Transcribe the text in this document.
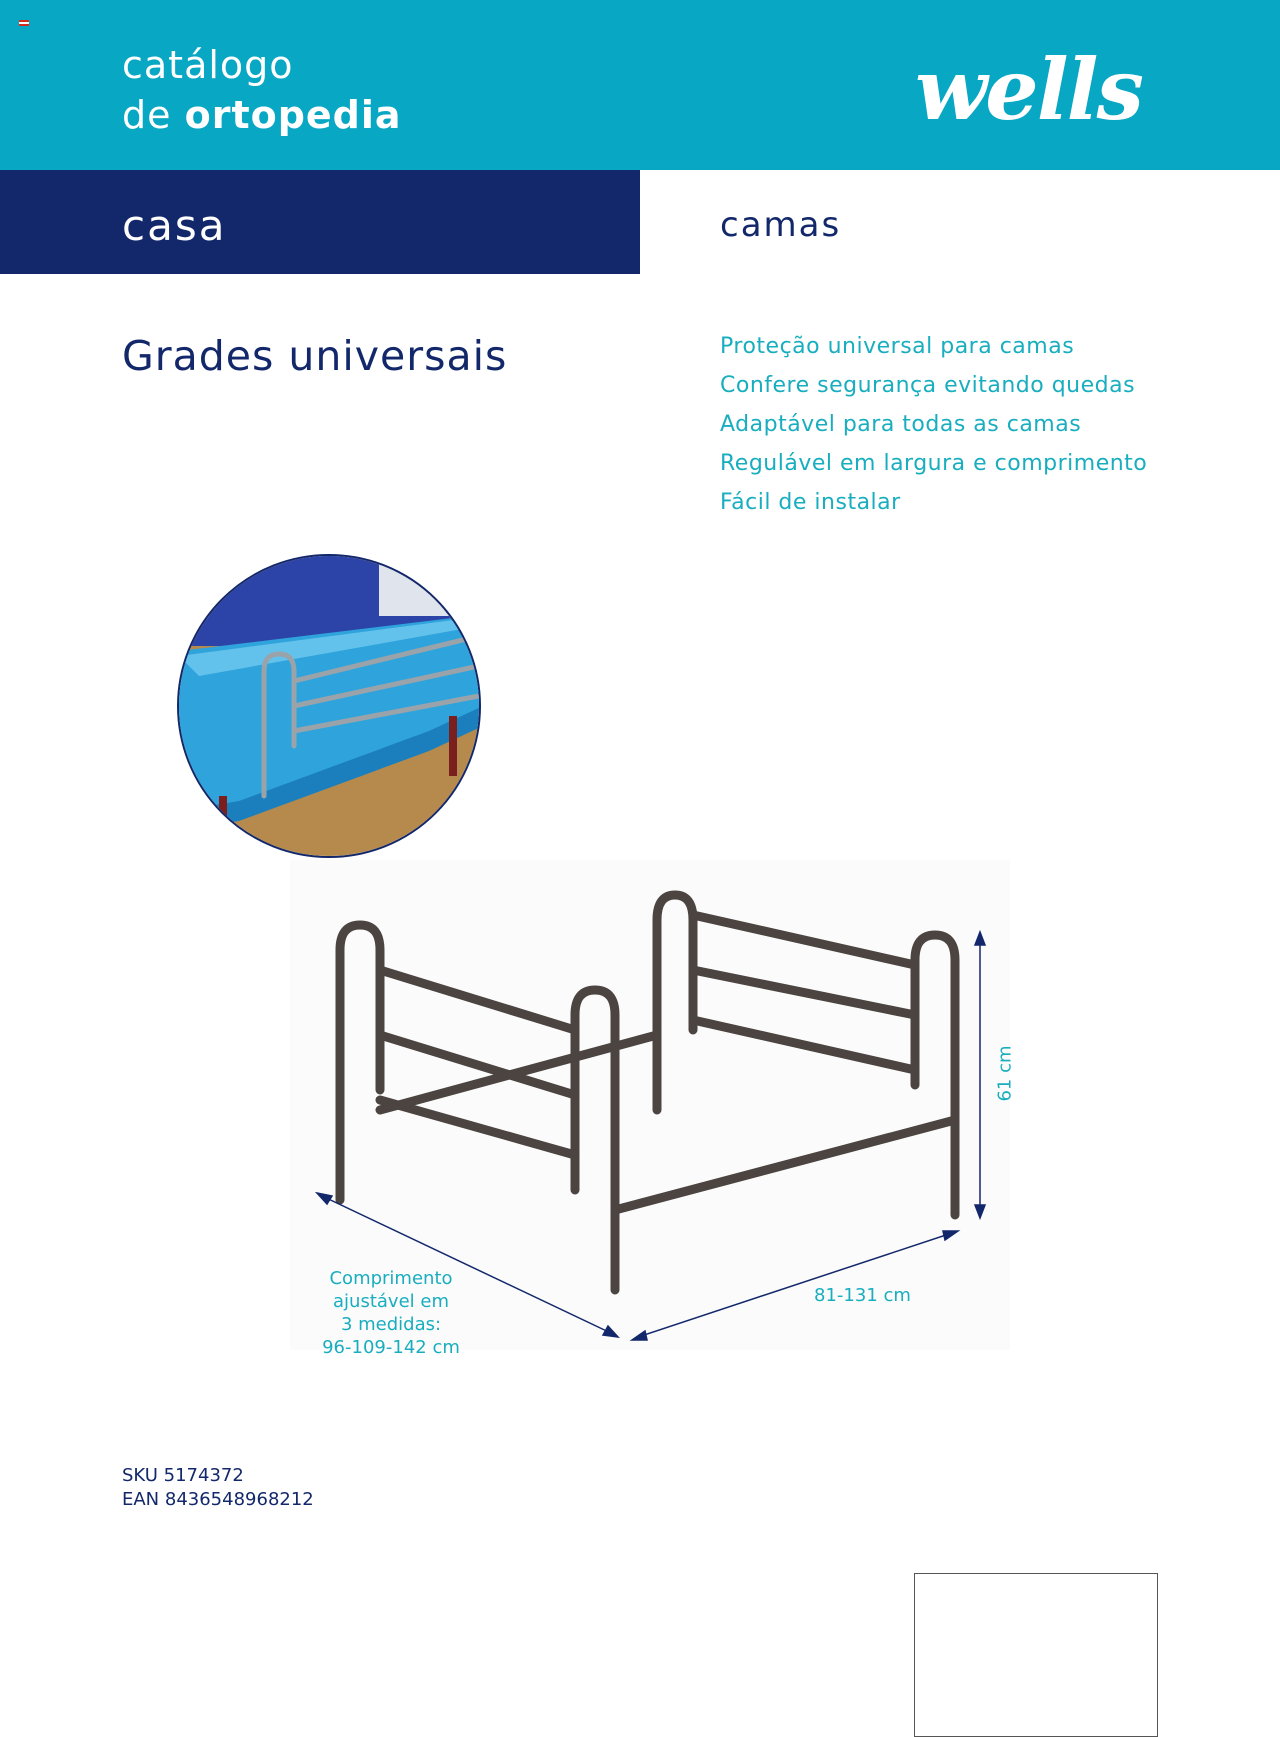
catálogo
de ortopedia	wells
casa	camas
Grades universais	Proteção universal para camas
Confere segurança evitando quedas
Adaptável para todas as camas
Regulável em largura e comprimento
Fácil de instalar
Comprimento
ajustável em
3 medidas:
96-109-142 cm
81-131 cm
61 cm
SKU 5174372
EAN 8436548968212
